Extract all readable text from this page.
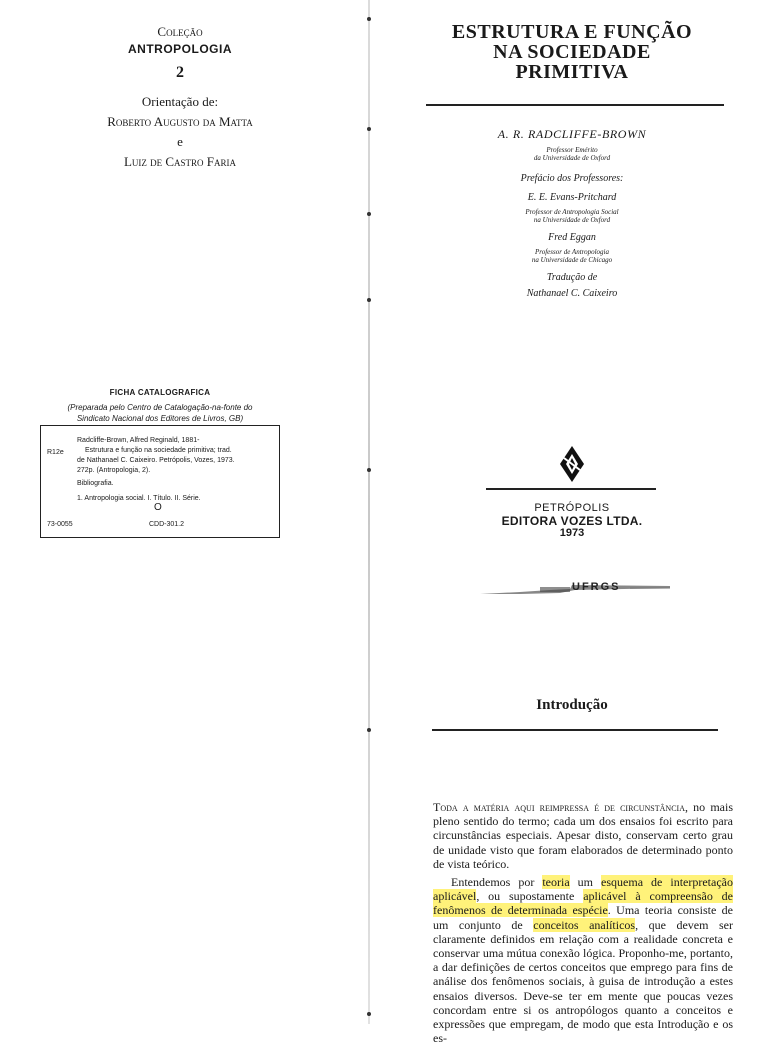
Coleção
ANTROPOLOGIA
2
Orientação de:
Roberto Augusto da Matta
e
Luiz de Castro Faria
FICHA CATALOGRAFICA
(Preparada pelo Centro de Catalogação-na-fonte do
Sindicato Nacional dos Editores de Livros, GB)
R12e
Radcliffe-Brown, Alfred Reginald, 1881-
Estrutura e função na sociedade primitiva; trad.
de Nathanael C. Caixeiro. Petrópolis, Vozes, 1973.
272p. (Antropologia, 2).
Bibliografia.
1. Antropologia social. I. Título. II. Série.
O
73-0055	CDD-301.2
ESTRUTURA E FUNÇÃO
NA SOCIEDADE
PRIMITIVA
A. R. RADCLIFFE-BROWN
Professor Emérito
da Universidade de Oxford
Prefácio dos Professores:
E. E. Evans-Pritchard
Professor de Antropologia Social
na Universidade de Oxford
Fred Eggan
Professor de Antropologia
na Universidade de Chicago
Tradução de
Nathanael C. Caixeiro
PETRÓPOLIS
EDITORA VOZES LTDA.
1973
UFRGS
Introdução

Toda a matéria aqui reimpressa é de circunstância, no mais pleno sentido do termo; cada um dos ensaios foi escrito para circunstâncias especiais. Apesar disto, conservam certo grau de unidade visto que foram elaborados de determinado ponto de vista teórico.

Entendemos por teoria um esquema de interpretação aplicável, ou supostamente aplicável à compreensão de fenômenos de determinada espécie. Uma teoria consiste de um conjunto de conceitos analíticos, que devem ser claramente definidos em relação com a realidade concreta e conservar uma mútua conexão lógica. Proponho-me, portanto, a dar definições de certos conceitos que emprego para fins de análise dos fenômenos sociais, à guisa de introdução a estes ensaios diversos. Deve-se ter em mente que poucas vezes concordam entre si os antropólogos quanto a conceitos e expressões que empregam, de modo que esta Introdução e os es-
